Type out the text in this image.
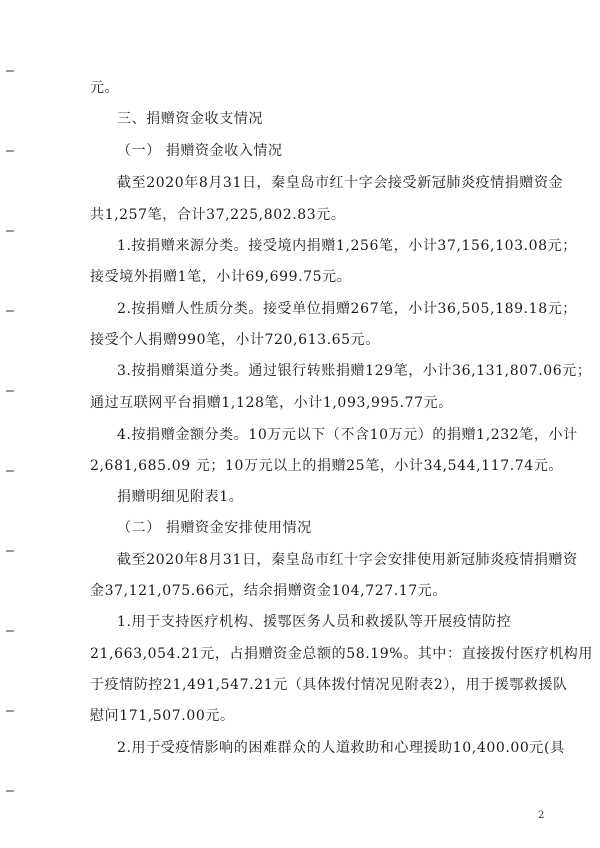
元。
三、捐赠资金收支情况
（一） 捐赠资金收入情况
截至2020年8月31日，秦皇岛市红十字会接受新冠肺炎疫情捐赠资金
共1,257笔，合计37,225,802.83元。
1.按捐赠来源分类。接受境内捐赠1,256笔，小计37,156,103.08元；
接受境外捐赠1笔，小计69,699.75元。
2.按捐赠人性质分类。接受单位捐赠267笔，小计36,505,189.18元；
接受个人捐赠990笔，小计720,613.65元。
3.按捐赠渠道分类。通过银行转账捐赠129笔，小计36,131,807.06元；
通过互联网平台捐赠1,128笔，小计1,093,995.77元。
4.按捐赠金额分类。10万元以下（不含10万元）的捐赠1,232笔，小计
2,681,685.09 元；10万元以上的捐赠25笔，小计34,544,117.74元。
捐赠明细见附表1。
（二） 捐赠资金安排使用情况
截至2020年8月31日，秦皇岛市红十字会安排使用新冠肺炎疫情捐赠资
金37,121,075.66元，结余捐赠资金104,727.17元。
1.用于支持医疗机构、援鄂医务人员和救援队等开展疫情防控
21,663,054.21元，占捐赠资金总额的58.19%。其中：直接拨付医疗机构用
于疫情防控21,491,547.21元（具体拨付情况见附表2），用于援鄂救援队
慰问171,507.00元。
2.用于受疫情影响的困难群众的人道救助和心理援助10,400.00元(具
2
